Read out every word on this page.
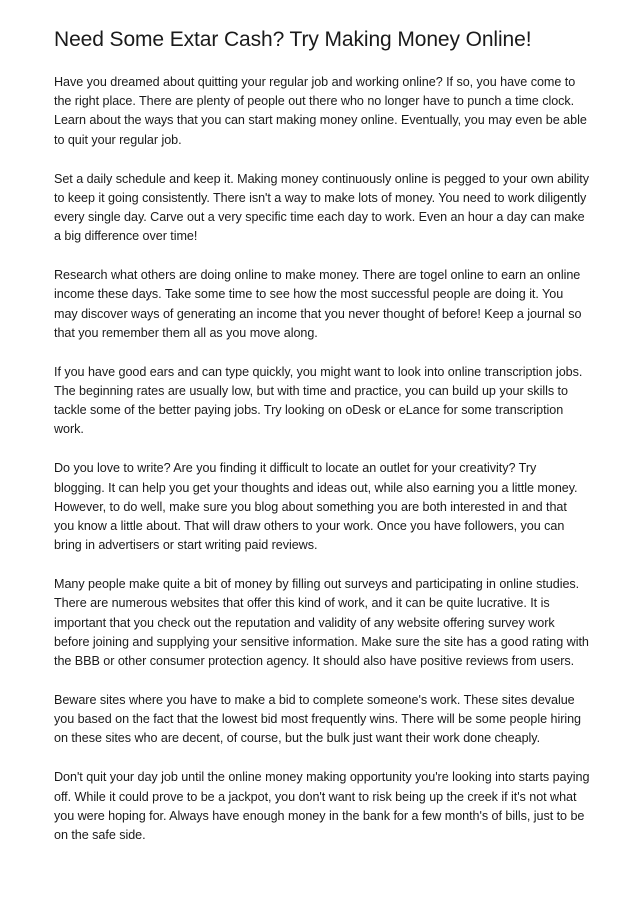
Need Some Extar Cash? Try Making Money Online!

Have you dreamed about quitting your regular job and working online? If so, you have come to the right place. There are plenty of people out there who no longer have to punch a time clock. Learn about the ways that you can start making money online. Eventually, you may even be able to quit your regular job.

Set a daily schedule and keep it. Making money continuously online is pegged to your own ability to keep it going consistently. There isn't a way to make lots of money. You need to work diligently every single day. Carve out a very specific time each day to work. Even an hour a day can make a big difference over time!

Research what others are doing online to make money. There are togel online to earn an online income these days. Take some time to see how the most successful people are doing it. You may discover ways of generating an income that you never thought of before! Keep a journal so that you remember them all as you move along.

If you have good ears and can type quickly, you might want to look into online transcription jobs. The beginning rates are usually low, but with time and practice, you can build up your skills to tackle some of the better paying jobs. Try looking on oDesk or eLance for some transcription work.

Do you love to write? Are you finding it difficult to locate an outlet for your creativity? Try blogging. It can help you get your thoughts and ideas out, while also earning you a little money. However, to do well, make sure you blog about something you are both interested in and that you know a little about. That will draw others to your work. Once you have followers, you can bring in advertisers or start writing paid reviews.

Many people make quite a bit of money by filling out surveys and participating in online studies. There are numerous websites that offer this kind of work, and it can be quite lucrative. It is important that you check out the reputation and validity of any website offering survey work before joining and supplying your sensitive information. Make sure the site has a good rating with the BBB or other consumer protection agency. It should also have positive reviews from users.

Beware sites where you have to make a bid to complete someone's work. These sites devalue you based on the fact that the lowest bid most frequently wins. There will be some people hiring on these sites who are decent, of course, but the bulk just want their work done cheaply.

Don't quit your day job until the online money making opportunity you're looking into starts paying off. While it could prove to be a jackpot, you don't want to risk being up the creek if it's not what you were hoping for. Always have enough money in the bank for a few month's of bills, just to be on the safe side.
